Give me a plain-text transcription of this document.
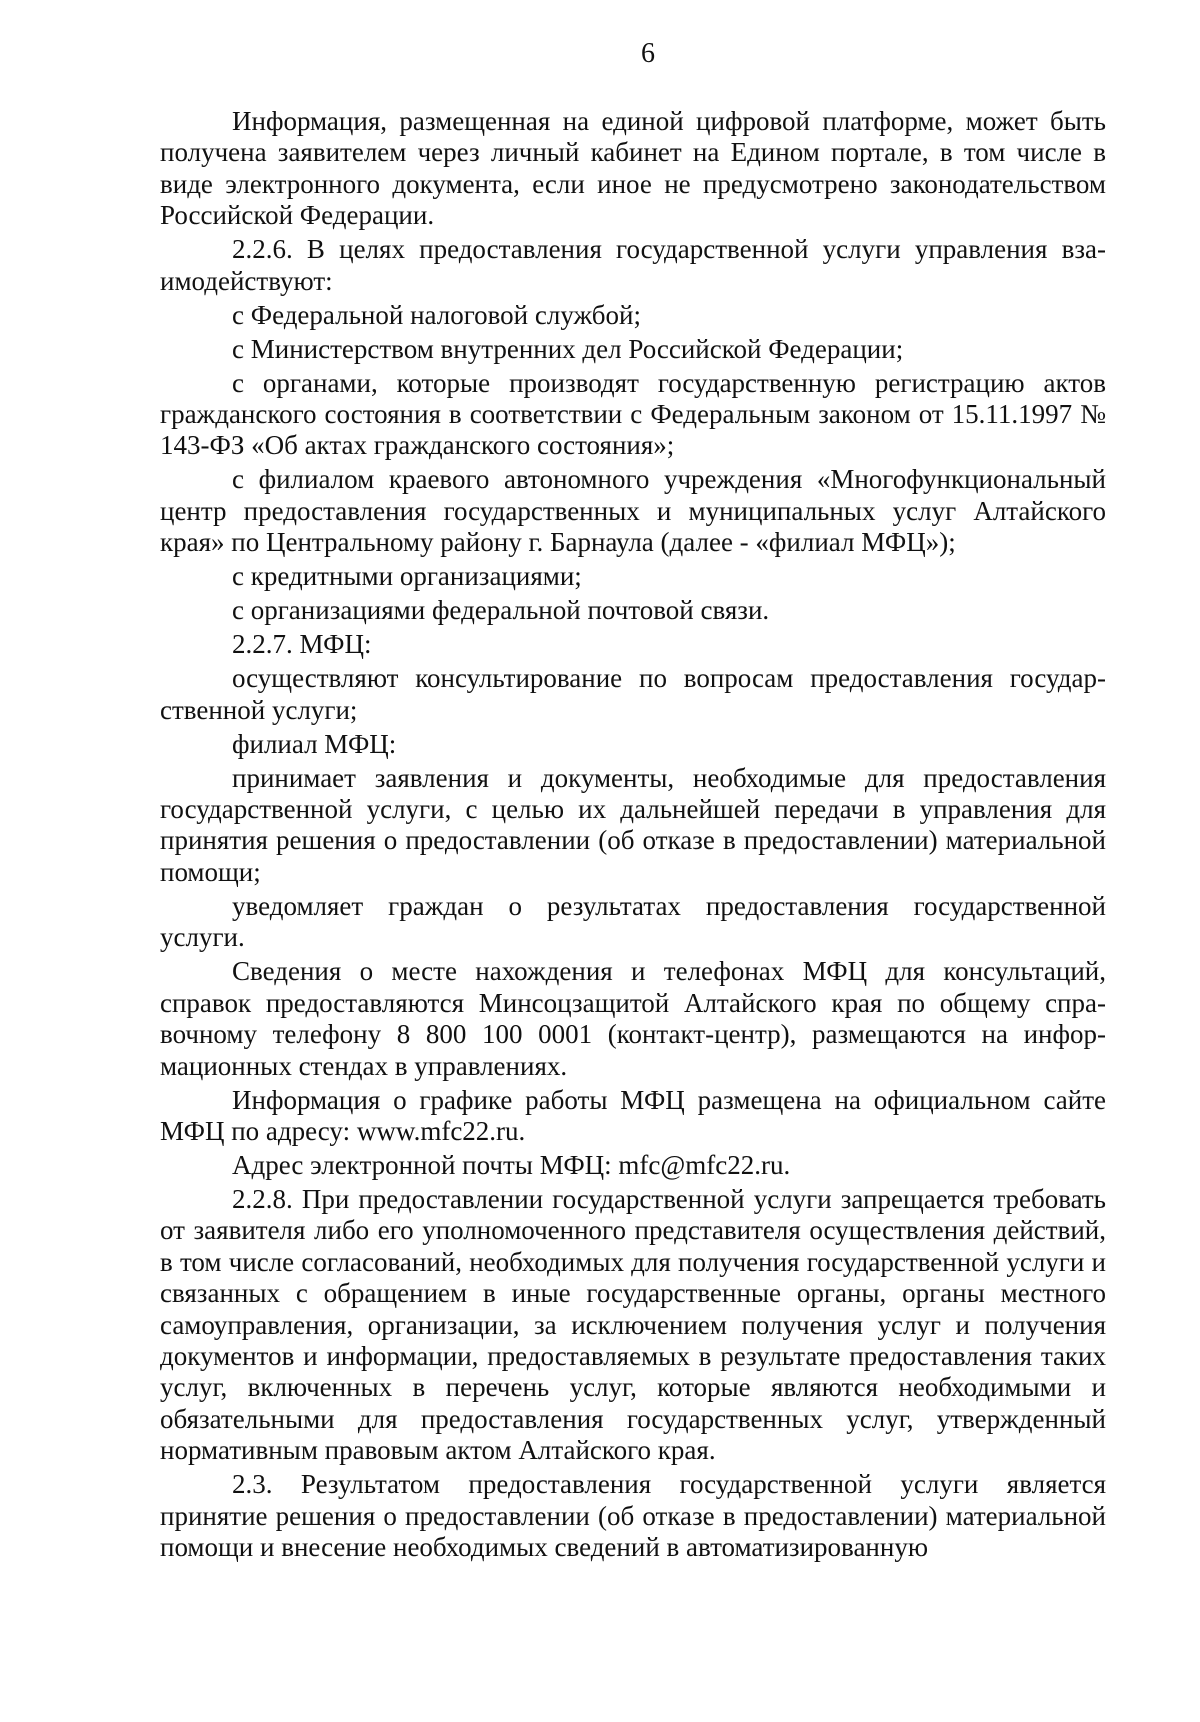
6

Информация, размещенная на единой цифровой платформе, может быть получена заявителем через личный кабинет на Едином портале, в том числе в виде электронного документа, если иное не предусмотрено законодательством Российской Федерации.

2.2.6. В целях предоставления государственной услуги управления взаимодействуют:

с Федеральной налоговой службой;

с Министерством внутренних дел Российской Федерации;

с органами, которые производят государственную регистрацию актов гражданского состояния в соответствии с Федеральным законом от 15.11.1997 № 143-ФЗ «Об актах гражданского состояния»;

с филиалом краевого автономного учреждения «Многофункциональный центр предоставления государственных и муниципальных услуг Алтайского края» по Центральному району г. Барнаула (далее - «филиал МФЦ»);

с кредитными организациями;

с организациями федеральной почтовой связи.

2.2.7. МФЦ:

осуществляют консультирование по вопросам предоставления государственной услуги;

филиал МФЦ:

принимает заявления и документы, необходимые для предоставления государственной услуги, с целью их дальнейшей передачи в управления для принятия решения о предоставлении (об отказе в предоставлении) материальной помощи;

уведомляет граждан о результатах предоставления государственной услуги.

Сведения о месте нахождения и телефонах МФЦ для консультаций, справок предоставляются Минсоцзащитой Алтайского края по общему справочному телефону 8 800 100 0001 (контакт-центр), размещаются на информационных стендах в управлениях.

Информация о графике работы МФЦ размещена на официальном сайте МФЦ по адресу: www.mfc22.ru.

Адрес электронной почты МФЦ: mfc@mfc22.ru.

2.2.8. При предоставлении государственной услуги запрещается требовать от заявителя либо его уполномоченного представителя осуществления действий, в том числе согласований, необходимых для получения государственной услуги и связанных с обращением в иные государственные органы, органы местного самоуправления, организации, за исключением получения услуг и получения документов и информации, предоставляемых в результате предоставления таких услуг, включенных в перечень услуг, которые являются необходимыми и обязательными для предоставления государственных услуг, утвержденный нормативным правовым актом Алтайского края.

2.3. Результатом предоставления государственной услуги является принятие решения о предоставлении (об отказе в предоставлении) материальной помощи и внесение необходимых сведений в автоматизированную
